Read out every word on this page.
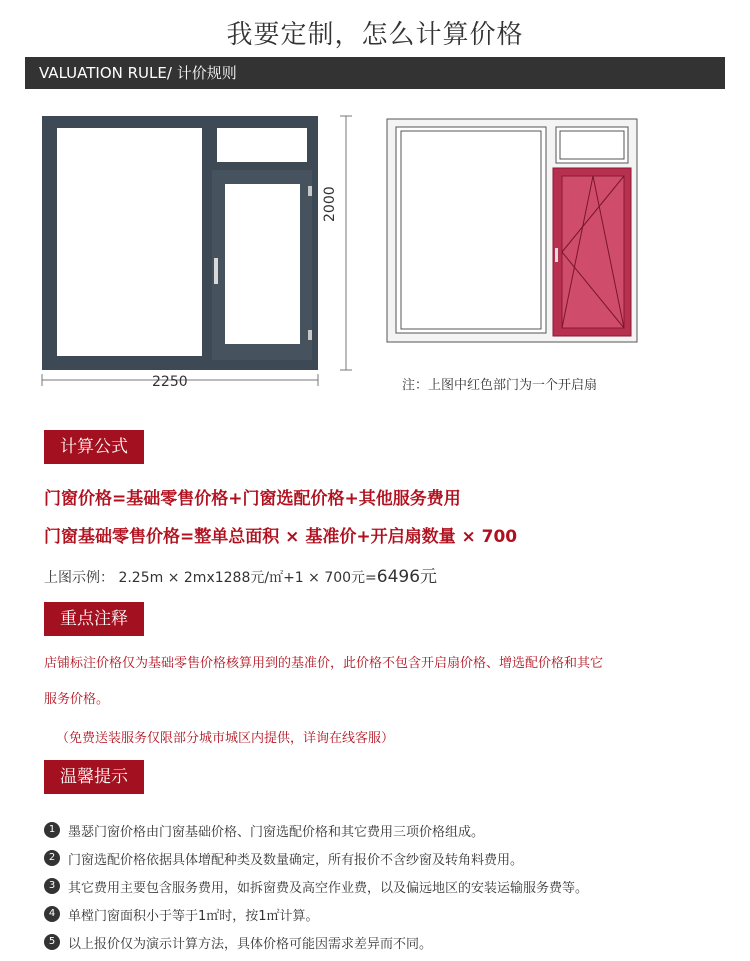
我要定制，怎么计算价格
VALUATION RULE/ 计价规则
2250
2000
注：上图中红色部门为一个开启扇
计算公式
门窗价格=基础零售价格+门窗选配价格+其他服务费用
门窗基础零售价格=整单总面积 × 基准价+开启扇数量 × 700
上图示例： 2.25m × 2mx1288元/㎡+1 × 700元=6496元
重点注释
店铺标注价格仅为基础零售价格核算用到的基准价，此价格不包含开启扇价格、增选配价格和其它
服务价格。
（免费送装服务仅限部分城市城区内提供，详询在线客服）
温馨提示
1 墨瑟门窗价格由门窗基础价格、门窗选配价格和其它费用三项价格组成。
2 门窗选配价格依据具体增配种类及数量确定，所有报价不含纱窗及转角料费用。
3 其它费用主要包含服务费用，如拆窗费及高空作业费，以及偏远地区的安装运输服务费等。
4 单樘门窗面积小于等于1㎡时，按1㎡计算。
5 以上报价仅为演示计算方法，具体价格可能因需求差异而不同。
